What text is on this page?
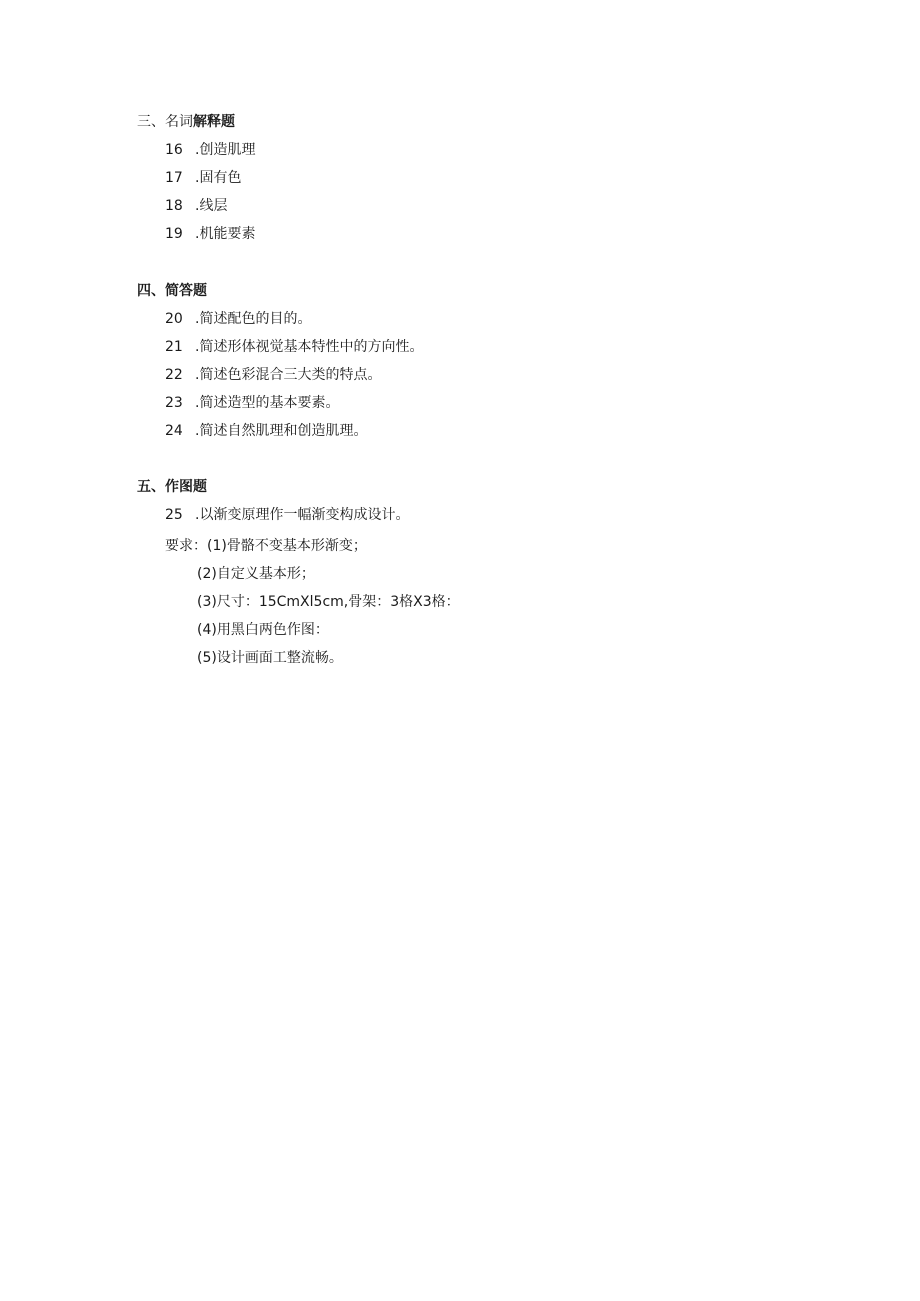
三、名词解释题
16 .创造肌理
17 .固有色
18 .线层
19 .机能要素
四、简答题
20 .简述配色的目的。
21 .简述形体视觉基本特性中的方向性。
22 .简述色彩混合三大类的特点。
23 .简述造型的基本要素。
24 .简述自然肌理和创造肌理。
五、作图题
25 .以渐变原理作一幅渐变构成设计。
要求：(1)骨骼不变基本形渐变；
(2)自定义基本形；
(3)尺寸：15CmXl5cm,骨架：3格X3格：
(4)用黑白两色作图：
(5)设计画面工整流畅。
